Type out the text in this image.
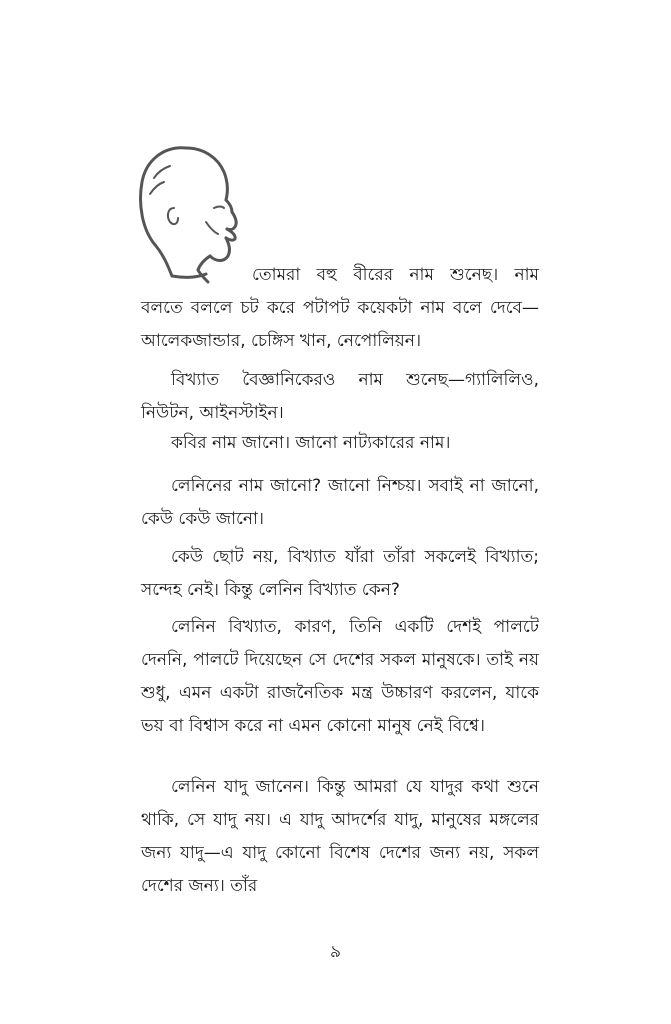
তোমরা বহু বীরের নাম শুনেছ। নাম

বলতে বললে চট করে পটাপট কয়েকটা নাম বলে দেবে—আলেকজান্ডার, চেঙ্গিস খান, নেপোলিয়ন।

বিখ্যাত বৈজ্ঞানিকেরও নাম শুনেছ—গ্যালিলিও, নিউটন, আইনস্টাইন।

কবির নাম জানো। জানো নাট্যকারের নাম।

লেনিনের নাম জানো? জানো নিশ্চয়। সবাই না জানো, কেউ কেউ জানো।

কেউ ছোট নয়, বিখ্যাত যাঁরা তাঁরা সকলেই বিখ্যাত; সন্দেহ নেই। কিন্তু লেনিন বিখ্যাত কেন?

লেনিন বিখ্যাত, কারণ, তিনি একটি দেশই পালটে দেননি, পালটে দিয়েছেন সে দেশের সকল মানুষকে। তাই নয় শুধু, এমন একটা রাজনৈতিক মন্ত্র উচ্চারণ করলেন, যাকে ভয় বা বিশ্বাস করে না এমন কোনো মানুষ নেই বিশ্বে।

লেনিন যাদু জানেন। কিন্তু আমরা যে যাদুর কথা শুনে থাকি, সে যাদু নয়। এ যাদু আদর্শের যাদু, মানুষের মঙ্গলের জন্য যাদু—এ যাদু কোনো বিশেষ দেশের জন্য নয়, সকল দেশের জন্য। তাঁর

৯
